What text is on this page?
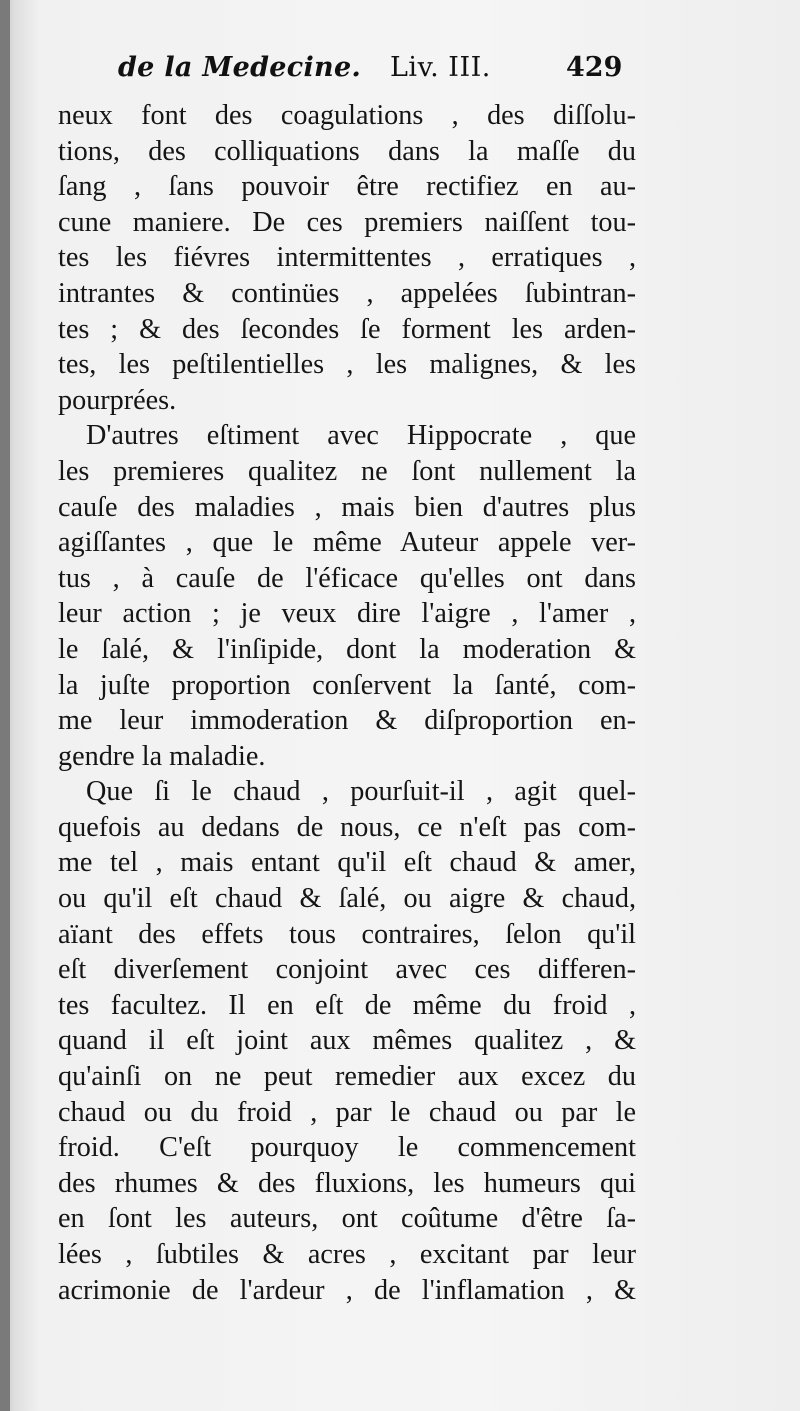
de la Medecine. Liv. III.	429
neux font des coagulations , des diſſolu-
tions, des colliquations dans la maſſe du
ſang , ſans pouvoir être rectifiez en au-
cune maniere. De ces premiers naiſſent tou-
tes les fiévres intermittentes , erratiques ,
intrantes & continües , appelées ſubintran-
tes ; & des ſecondes ſe forment les arden-
tes, les peſtilentielles , les malignes, & les
pourprées.
D'autres eſtiment avec Hippocrate , que
les premieres qualitez ne ſont nullement la
cauſe des maladies , mais bien d'autres plus
agiſſantes , que le même Auteur appele ver-
tus , à cauſe de l'éficace qu'elles ont dans
leur action ; je veux dire l'aigre , l'amer ,
le ſalé, & l'inſipide, dont la moderation &
la juſte proportion conſervent la ſanté, com-
me leur immoderation & diſproportion en-
gendre la maladie.
Que ſi le chaud , pourſuit-il , agit quel-
quefois au dedans de nous, ce n'eſt pas com-
me tel , mais entant qu'il eſt chaud & amer,
ou qu'il eſt chaud & ſalé, ou aigre & chaud,
aïant des effets tous contraires, ſelon qu'il
eſt diverſement conjoint avec ces differen-
tes facultez. Il en eſt de même du froid ,
quand il eſt joint aux mêmes qualitez , &
qu'ainſi on ne peut remedier aux excez du
chaud ou du froid , par le chaud ou par le
froid. C'eſt pourquoy le commencement
des rhumes & des fluxions, les humeurs qui
en ſont les auteurs, ont coûtume d'être ſa-
lées , ſubtiles & acres , excitant par leur
acrimonie de l'ardeur , de l'inflamation , &
